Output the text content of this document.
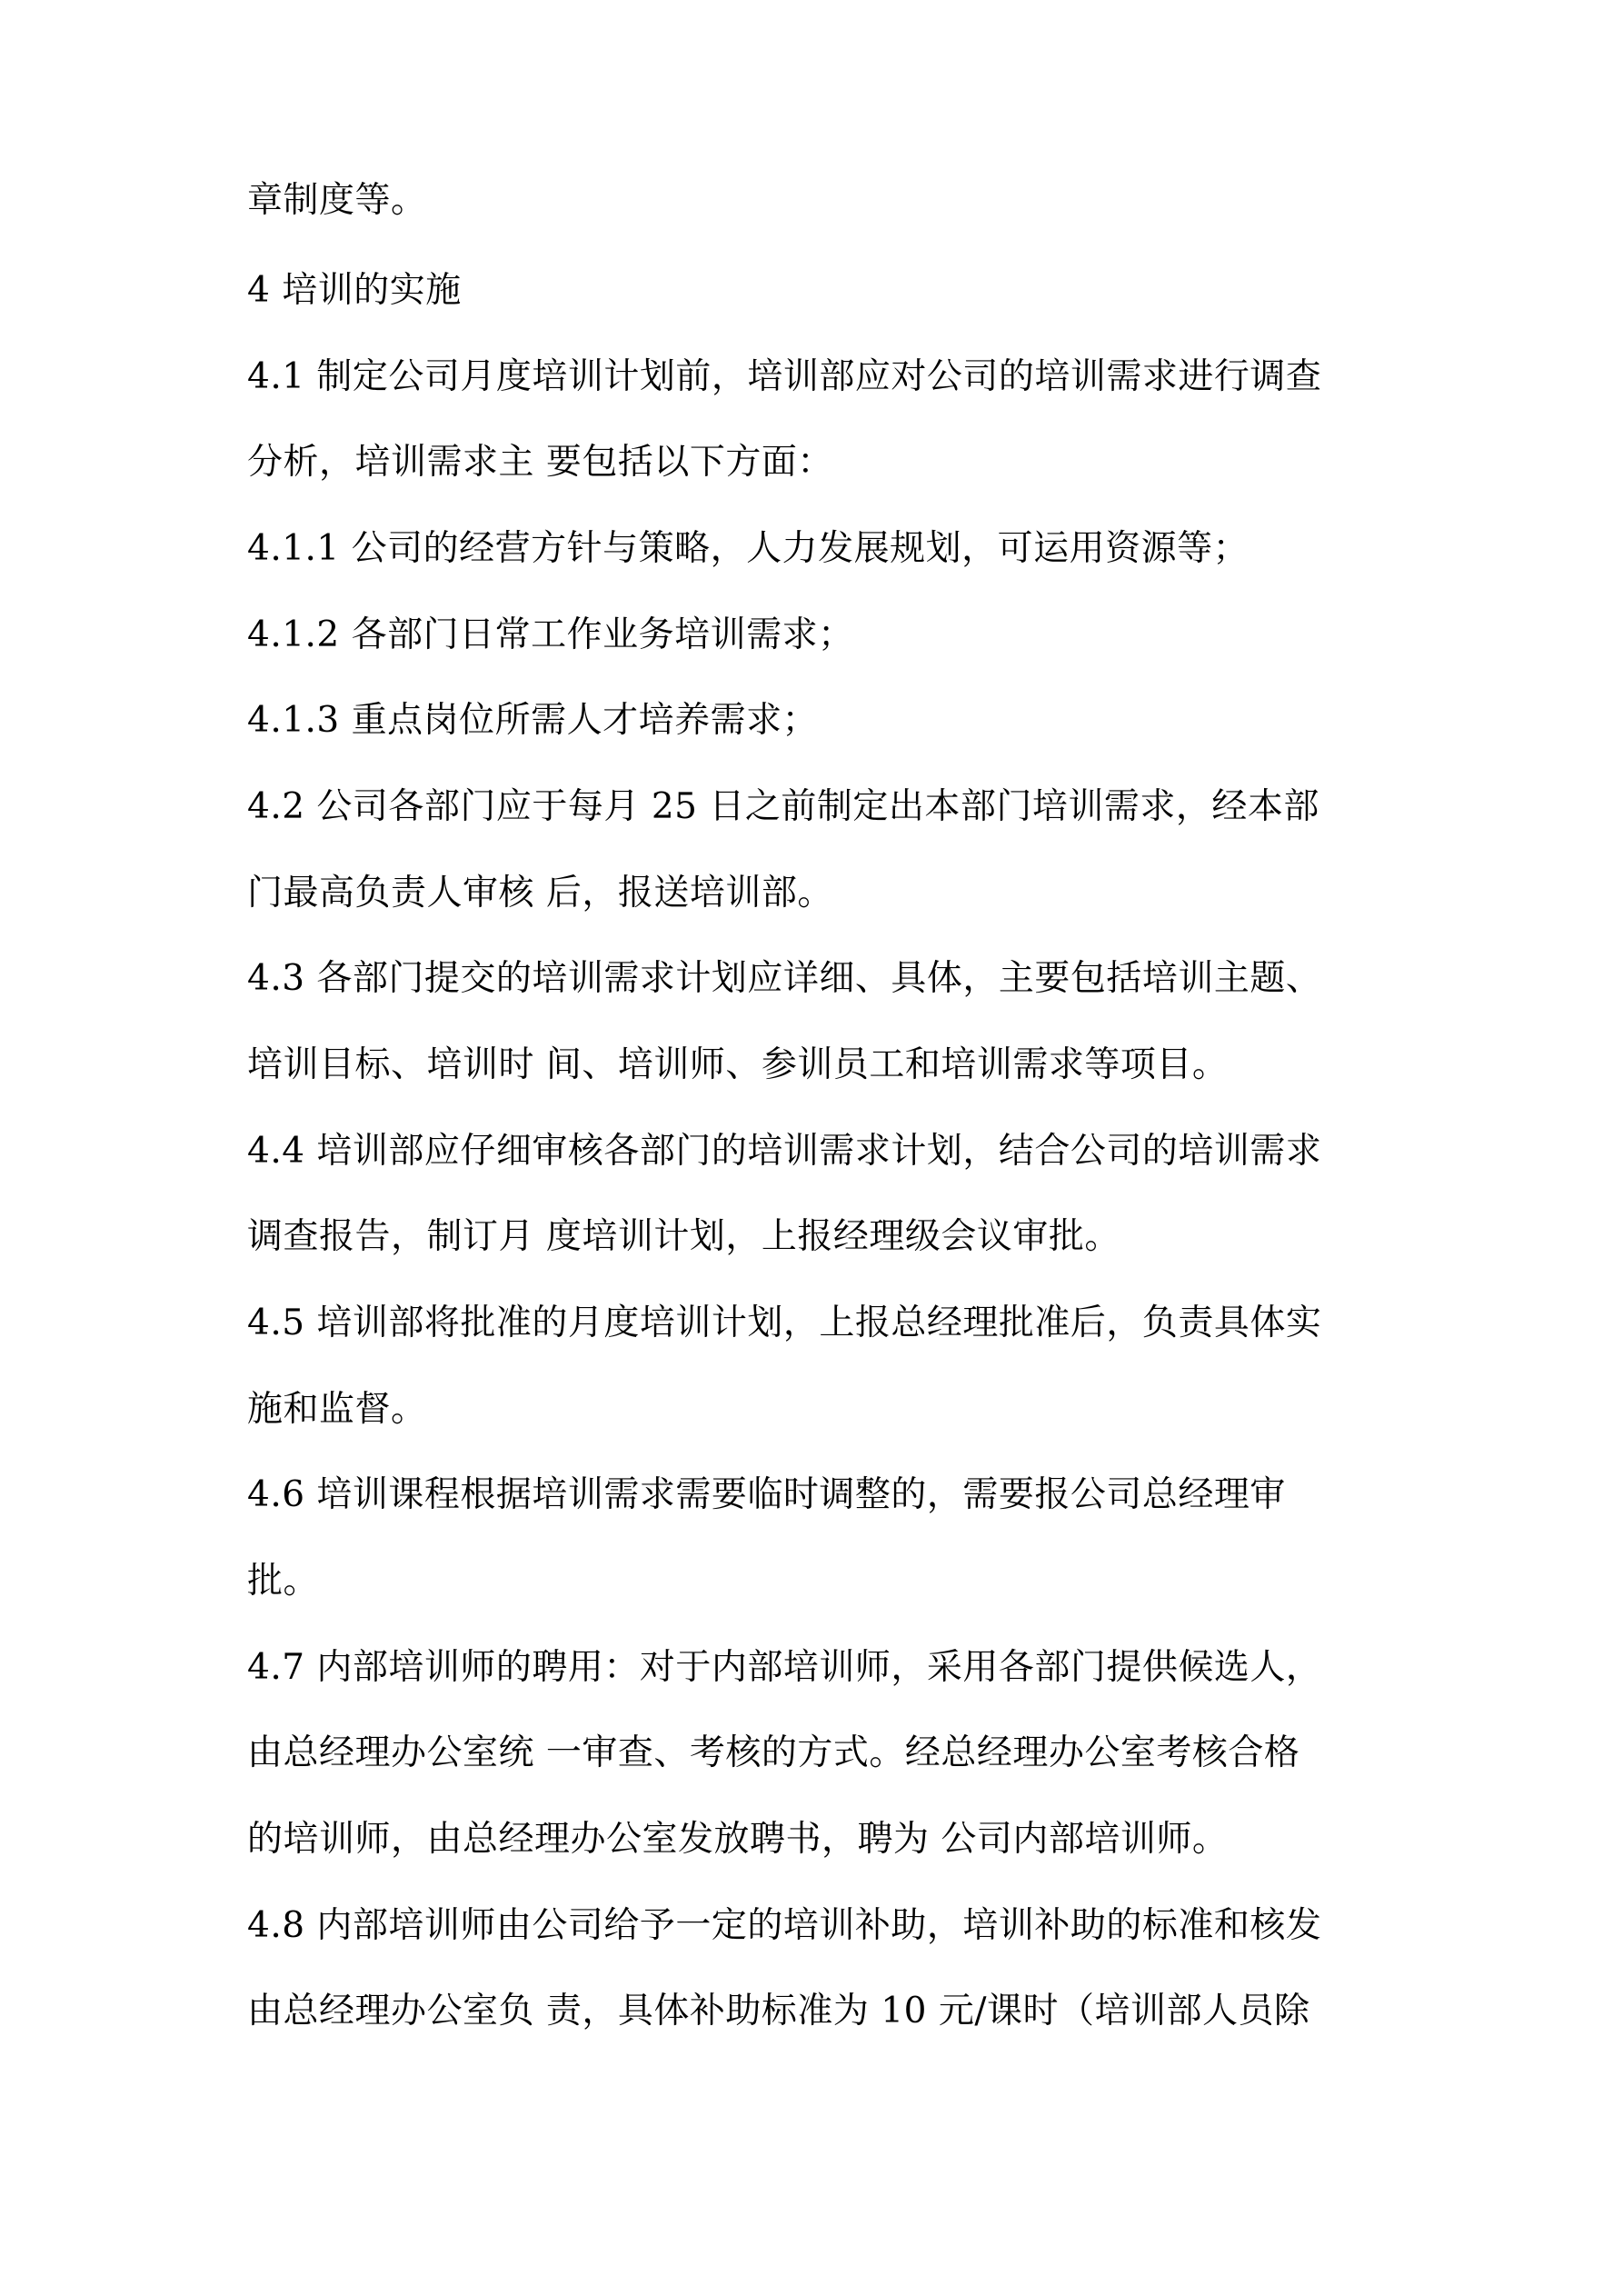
章制度等。
4 培训的实施
4.1 制定公司月度培训计划前，培训部应对公司的培训需求进行调查
分析，培训需求主 要包括以下方面：
4.1.1 公司的经营方针与策略，人力发展规划，可运用资源等；
4.1.2 各部门日常工作业务培训需求；
4.1.3 重点岗位所需人才培养需求；
4.2 公司各部门应于每月 25 日之前制定出本部门培训需求，经本部
门最高负责人审核 后，报送培训部。
4.3 各部门提交的培训需求计划应详细、具体，主要包括培训主题、
培训目标、培训时 间、培训师、参训员工和培训需求等项目。
4.4 培训部应仔细审核各部门的培训需求计划，结合公司的培训需求
调查报告，制订月 度培训计划，上报经理级会议审批。
4.5 培训部将批准的月度培训计划，上报总经理批准后，负责具体实
施和监督。
4.6 培训课程根据培训需求需要临时调整的，需要报公司总经理审
批。
4.7 内部培训师的聘用：对于内部培训师，采用各部门提供候选人，
由总经理办公室统 一审查、考核的方式。经总经理办公室考核合格
的培训师，由总经理办公室发放聘书，聘为 公司内部培训师。
4.8 内部培训师由公司给予一定的培训补助，培训补助的标准和核发
由总经理办公室负 责，具体补助标准为 10 元/课时（培训部人员除
